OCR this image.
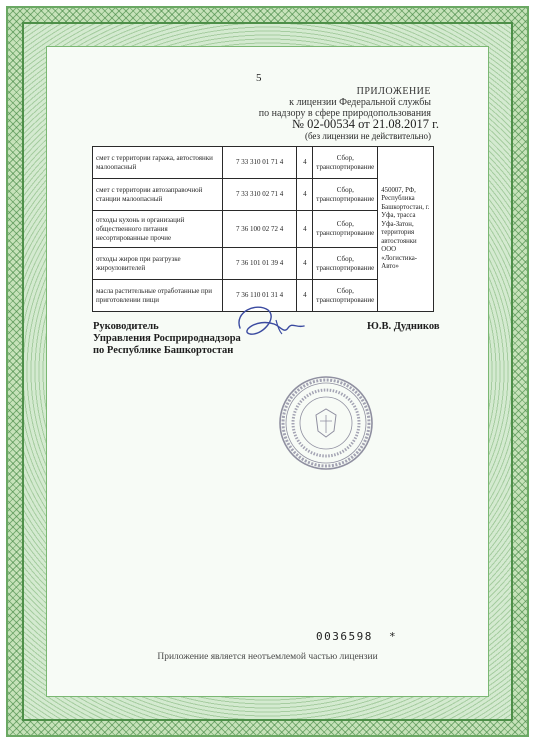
5
ПРИЛОЖЕНИЕ
к лицензии Федеральной службы
по надзору в сфере природопользования
№ 02-00534 от 21.08.2017 г.
(без лицензии не действительно)
смет с территории гаража, автостоянки малоопасный	7 33 310 01 71 4	4	Сбор, транспортирование	450007, РФ, Республика Башкортостан, г. Уфа, трасса Уфа-Затон, территория автостоянки ООО «Логистика-Авто»
смет с территории автозаправочной станции малоопасный	7 33 310 02 71 4	4	Сбор, транспортирование	
отходы кухонь и организаций общественного питания несортированные прочие	7 36 100 02 72 4	4	Сбор, транспортирование	
отходы жиров при разгрузке жироуловителей	7 36 101 01 39 4	4	Сбор, транспортирование	
масла растительные отработанные при приготовлении пищи	7 36 110 01 31 4	4	Сбор, транспортирование	
Руководитель
Управления Росприроднадзора
по Республике Башкортостан
Ю.В. Дудников
0036598 *
Приложение является неотъемлемой частью лицензии
